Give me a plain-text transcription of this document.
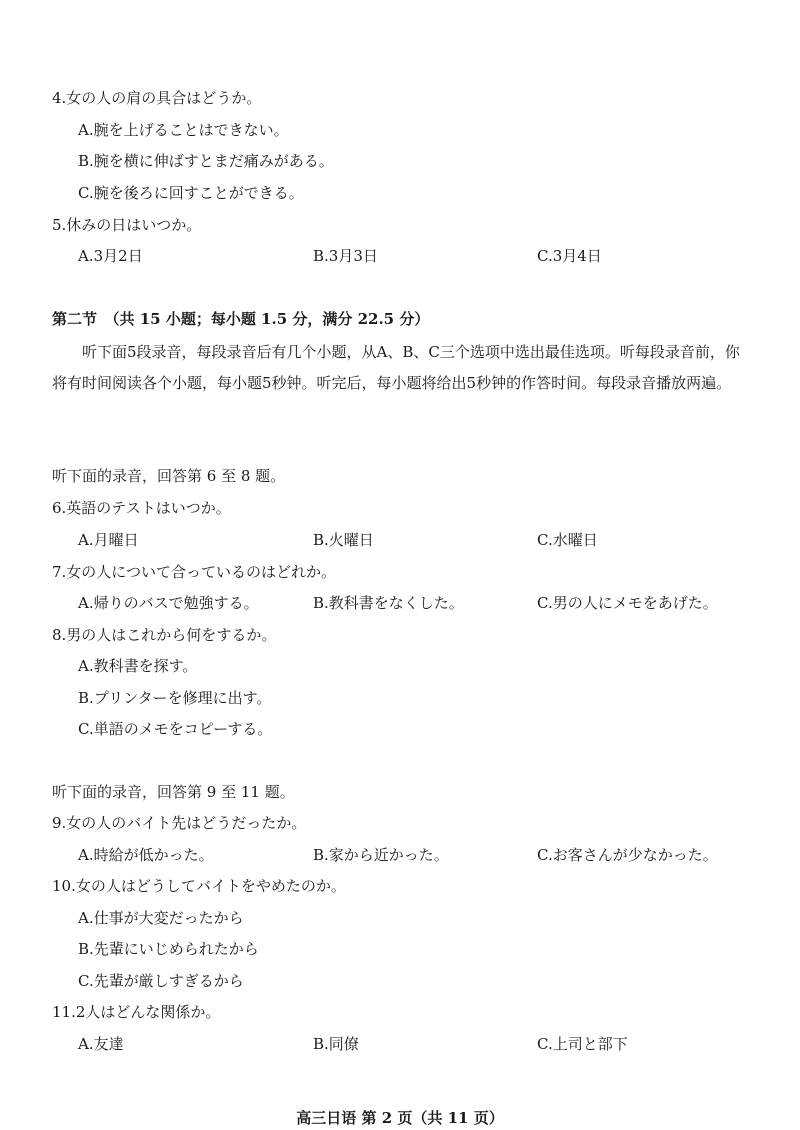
4.女の人の肩の具合はどうか。
A.腕を上げることはできない。
B.腕を横に伸ばすとまだ痛みがある。
C.腕を後ろに回すことができる。
5.休みの日はいつか。
A.3月2日	B.3月3日	C.3月4日
第二节　（共 15 小题；每小题 1.5 分，满分 22.5 分）
　　听下面5段录音，每段录音后有几个小题，从A、B、C三个选项中选出最佳选项。听每段录音前，你将有时间阅读各个小题，每小题5秒钟。听完后，每小题将给出5秒钟的作答时间。每段录音播放两遍。
听下面的录音，回答第 6 至 8 题。
6.英語のテストはいつか。
A.月曜日	B.火曜日	C.水曜日
7.女の人について合っているのはどれか。
A.帰りのバスで勉強する。	B.教科書をなくした。	C.男の人にメモをあげた。
8.男の人はこれから何をするか。
A.教科書を探す。
B.プリンターを修理に出す。
C.単語のメモをコピーする。
听下面的录音，回答第 9 至 11 题。
9.女の人のバイト先はどうだったか。
A.時給が低かった。	B.家から近かった。	C.お客さんが少なかった。
10.女の人はどうしてバイトをやめたのか。
A.仕事が大変だったから
B.先輩にいじめられたから
C.先輩が厳しすぎるから
11.2人はどんな関係か。
A.友達	B.同僚	C.上司と部下
高三日语 第 2 页（共 11 页）
